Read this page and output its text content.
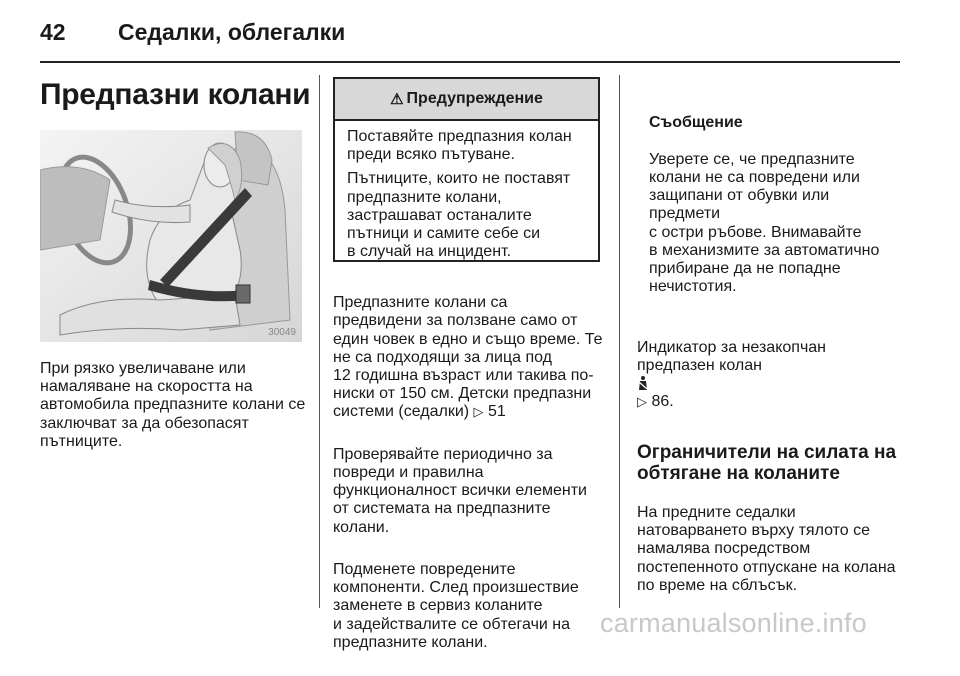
42 Седалки, облегалки
Предпазни колани
30049
При рязко увеличаване или
намаляване на скоростта на
автомобила предпазните колани се
заключват за да обезопасят
пътниците.
⚠ Предупреждение

Поставяйте предпазния колан
преди всяко пътуване.

Пътниците, които не поставят
предпазните колани,
застрашават останалите
пътници и самите себе си
в случай на инцидент.

Предпазните колани са
предвидени за ползване само от
един човек в едно и също време. Те
не са подходящи за лица под
12 годишна възраст или такива по-
ниски от 150 см. Детски предпазни
системи (седалки) ▷ 51

Проверявайте периодично за
повреди и правилна
функционалност всички елементи
от системата на предпазните
колани.

Подменете повредените
компоненти. След произшествие
заменете в сервиз коланите
и задействалите се обтегачи на
предпазните колани.

Съобщение

Уверете се, че предпазните
колани не са повредени или
защипани от обувки или предмети
с остри ръбове. Внимавайте
в механизмите за автоматично
прибиране да не попадне
нечистотия.

Индикатор за незакопчан
предпазен колан

▷ 86.

Ограничители на силата на
обтягане на коланите

На предните седалки
натоварването върху тялото се
намалява посредством
постепенното отпускане на колана
по време на сблъсък.

carmanualsonline.info
